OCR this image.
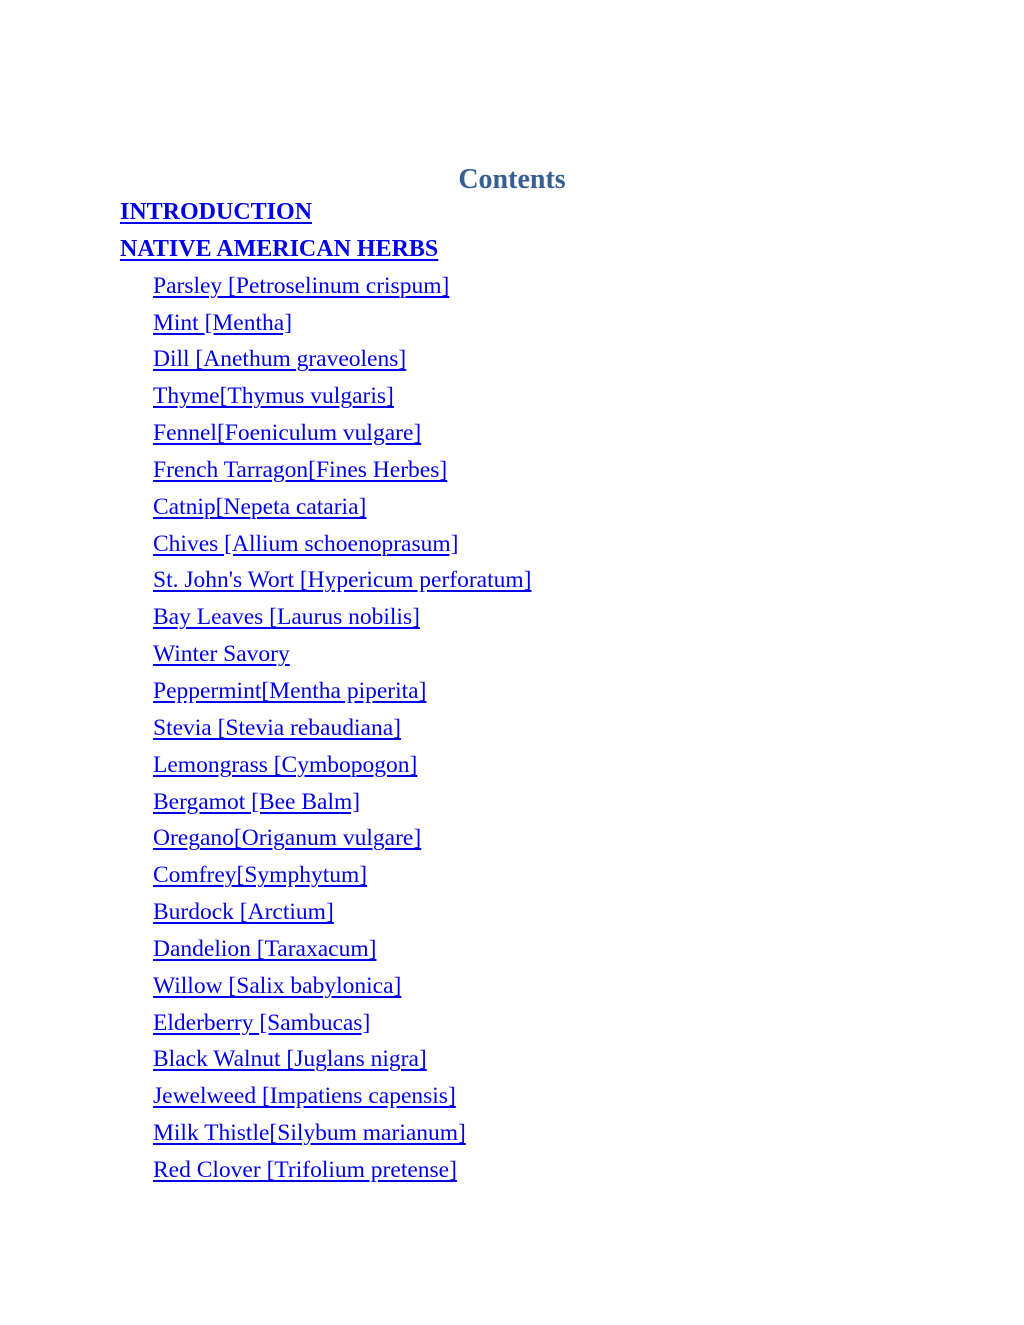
Contents
INTRODUCTION
NATIVE AMERICAN HERBS
Parsley [Petroselinum crispum]
Mint [Mentha]
Dill [Anethum graveolens]
Thyme[Thymus vulgaris]
Fennel[Foeniculum vulgare]
French Tarragon[Fines Herbes]
Catnip[Nepeta cataria]
Chives [Allium schoenoprasum]
St. John's Wort [Hypericum perforatum]
Bay Leaves [Laurus nobilis]
Winter Savory
Peppermint[Mentha piperita]
Stevia [Stevia rebaudiana]
Lemongrass [Cymbopogon]
Bergamot [Bee Balm]
Oregano[Origanum vulgare]
Comfrey[Symphytum]
Burdock [Arctium]
Dandelion [Taraxacum]
Willow [Salix babylonica]
Elderberry [Sambucas]
Black Walnut [Juglans nigra]
Jewelweed [Impatiens capensis]
Milk Thistle[Silybum marianum]
Red Clover [Trifolium pretense]
